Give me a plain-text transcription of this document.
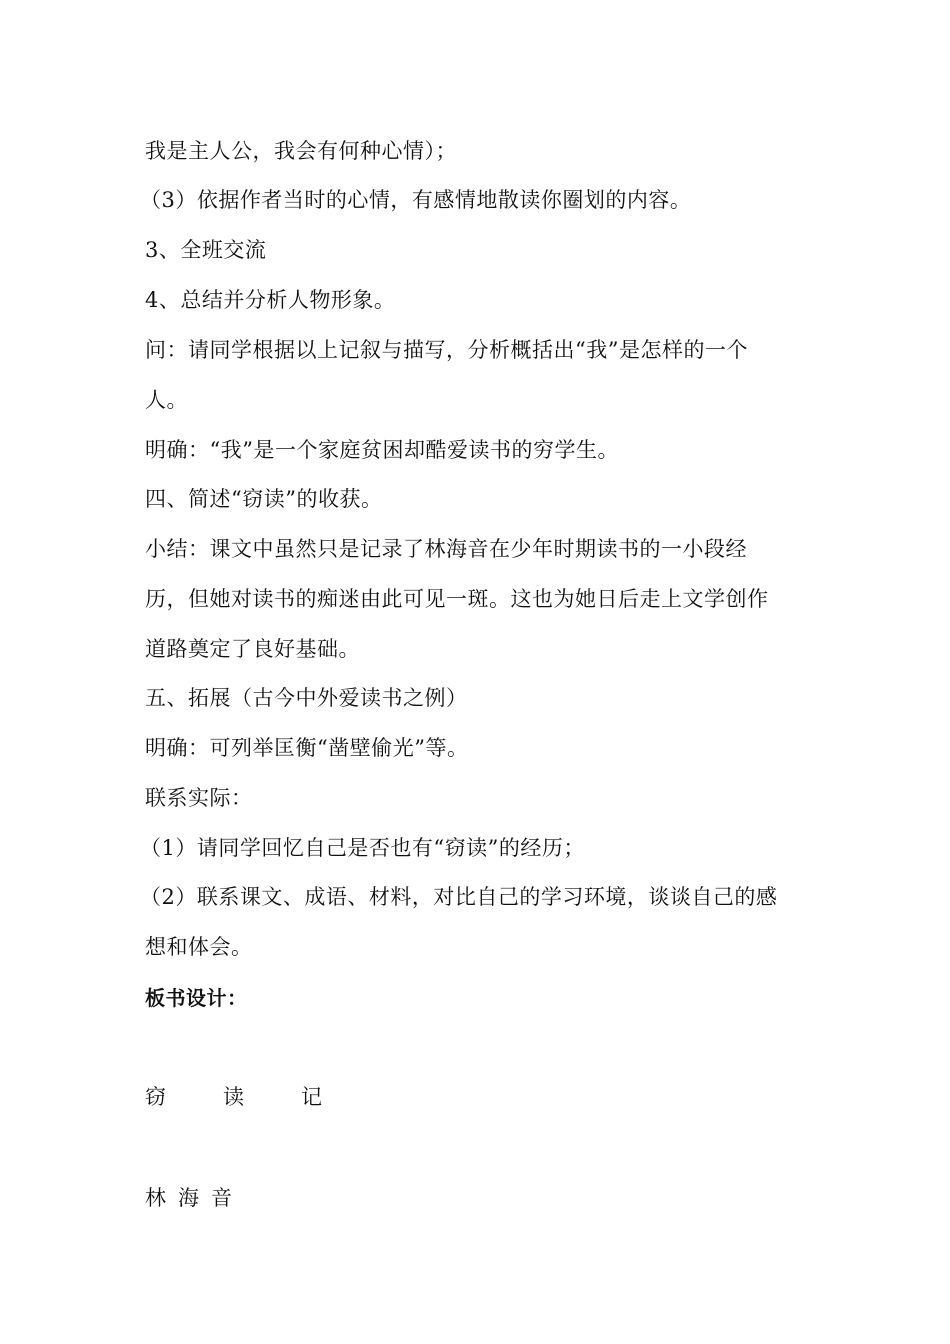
我是主人公，我会有何种心情）；
（3）依据作者当时的心情，有感情地散读你圈划的内容。
3、全班交流
4、总结并分析人物形象。
问：请同学根据以上记叙与描写，分析概括出“我”是怎样的一个
人。
明确：“我”是一个家庭贫困却酷爱读书的穷学生。
四、简述“窃读”的收获。
小结：课文中虽然只是记录了林海音在少年时期读书的一小段经
历，但她对读书的痴迷由此可见一斑。这也为她日后走上文学创作
道路奠定了良好基础。
五、拓展（古今中外爱读书之例）
明确：可列举匡衡“凿壁偷光”等。
联系实际：
（1）请同学回忆自己是否也有“窃读”的经历；
（2）联系课文、成语、材料，对比自己的学习环境，谈谈自己的感
想和体会。
板书设计：
窃	读	记
林 海 音
